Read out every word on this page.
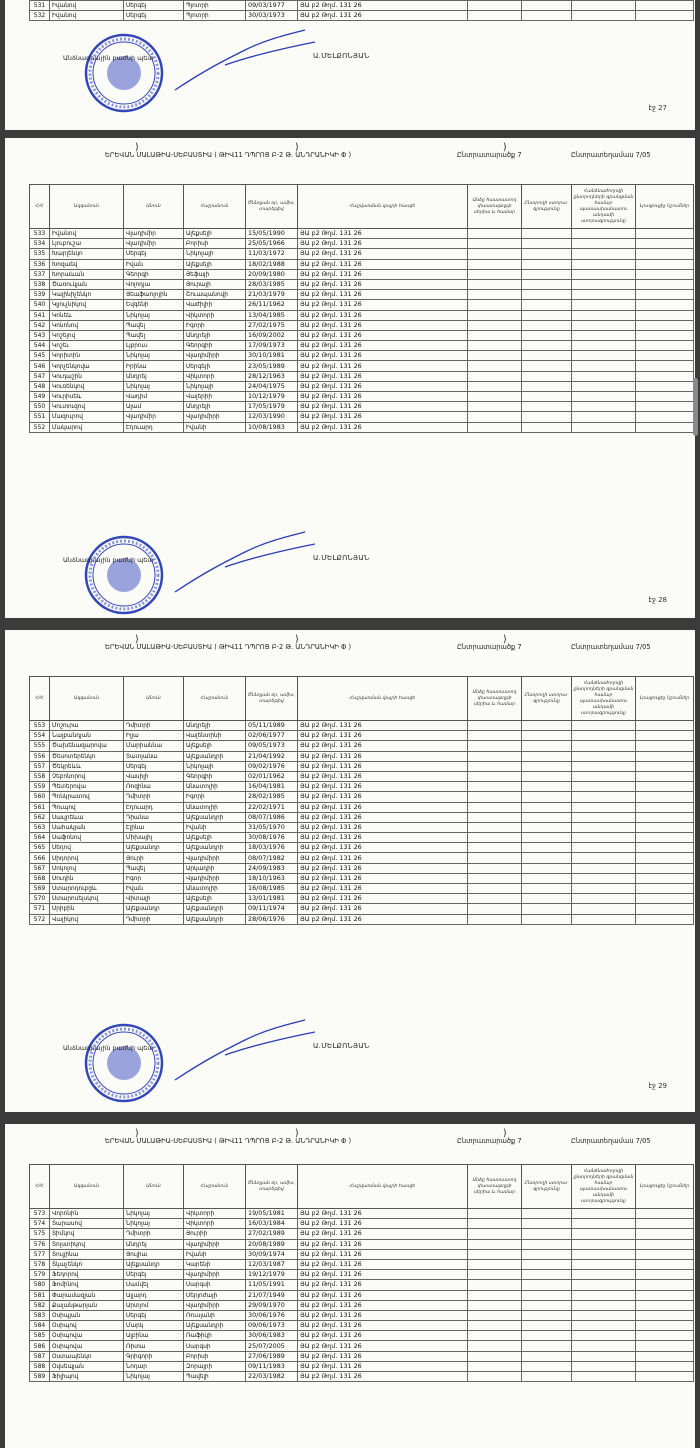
531	Իվանով	Սերգեյ	Պյոտրի	09/03/1977	ՅԱ բ2 Թղմ. 131 26				
532	Իվանով	Սերգեյ	Պյոտրի	30/03/1973	ՅԱ բ2 Թղմ. 131 26				
Անձնագրային բաժնի պետ	Ա.ՄԵԼՔՈՆՅԱՆ
էջ 27
)	)	)
ԵՐԵՎԱՆ ՄԱԼԱԹԻԱ-ՍԵԲԱՍՏԻԱ ( ԹԻՎ11 ԴՊՐՈՑ Բ-2 Թ. ԱՆԴՐԱՆԻԿԻ Փ )	Ընտրատարածք 7	Ընտրատեղամաս 7/05
Հ/Հ	Ազգանուն	Անուն	Հայրանուն	Ծննդյան օր, ամիս, տարեթիվ	Հաշվառման վայրի հասցե	Անձը հաստատող փաստաթղթի սերիա և համար	Ընտրողի ստորա- գրությունը	Հանձնաժողովի ընտրողների գրանցման համար պատասխանատու անդամի ստորագրությունը	Լրացուցիչ նշումներ
533	Իվանով	Վլադիմիր	Ալեքսեյի	15/05/1990	ՅԱ բ2 Թղմ. 131 26				
534	Լյուբուշա	Վլադիմիր	Բորիսի	25/05/1966	ՅԱ բ2 Թղմ. 131 26				
535	Խարլենկո	Սերգեյ	Նիկոլայի	11/03/1972	ՅԱ բ2 Թղմ. 131 26				
536	Խոզաեվ	Իվան	Ալեքսեյի	18/02/1988	ՅԱ բ2 Թղմ. 131 26				
537	Խորաևան	Գեորգի	Յեֆայի	20/09/1980	ՅԱ բ2 Թղմ. 131 26				
538	Ծառուկյան	Վոլոդյա	Յուրայի	28/03/1985	ՅԱ բ2 Թղմ. 131 26				
539	Կալինիչենկո	Յեաֆաոլոյին	Շուապանովի	21/03/1979	ՅԱ բ2 Թղմ. 131 26				
540	Կլյուչնիկով	Եվգենի	Վաժիլիի	26/11/1962	ՅԱ բ2 Թղմ. 131 26				
541	Կոնեև	Նիկոլայ	Վիկտորի	13/04/1985	ՅԱ բ2 Թղմ. 131 26				
542	Կոնոնով	Պավել	Իգորի	27/02/1975	ՅԱ բ2 Թղմ. 131 26				
543	Կոշելով	Պավել	Անդրեյի	16/09/2002	ՅԱ բ2 Թղմ. 131 26				
544	Կոշեւ	Լյբրուս	Գեորգիի	17/09/1973	ՅԱ բ2 Թղմ. 131 26				
545	Կորիտին	Նիկոլայ	Վլադիմիրի	30/10/1981	ՅԱ բ2 Թղմ. 131 26				
546	Կորչենկովա	Իրինա	Սերգեյի	23/05/1989	ՅԱ բ2 Թղմ. 131 26				
547	Կուդաշին	Անդրեյ	Վիկտորի	28/12/1963	ՅԱ բ2 Թղմ. 131 26				
548	Կուռենկով	Նիկոլայ	Նիկոլայի	24/04/1975	ՅԱ բ2 Թղմ. 131 26				
549	Կուրիսեև	Վադիմ	Վալերիի	10/12/1979	ՅԱ բ2 Թղմ. 131 26				
550	Կուտուզով	Ալամ	Անդրեյի	17/05/1979	ՅԱ բ2 Թղմ. 131 26				
551	Մազուրով	Վլադիմիր	Վլադիմիրի	12/03/1990	ՅԱ բ2 Թղմ. 131 26				
552	Մակարով	Էդուարդ	Իվանի	10/08/1983	ՅԱ բ2 Թղմ. 131 26				
Անձնագրային բաժնի պետ	Ա.ՄԵԼՔՈՆՅԱՆ
էջ 28
)	)	)
ԵՐԵՎԱՆ ՄԱԼԱԹԻԱ-ՍԵԲԱՍՏԻԱ ( ԹԻՎ11 ԴՊՐՈՑ Բ-2 Թ. ԱՆԴՐԱՆԻԿԻ Փ )	Ընտրատարածք 7	Ընտրատեղամաս 7/05
Հ/Հ	Ազգանուն	Անուն	Հայրանուն	Ծննդյան օր, ամիս, տարեթիվ	Հաշվառման վայրի հասցե	Անձը հաստատող փաստաթղթի սերիա և համար	Ընտրողի ստորա- գրությունը	Հանձնաժողովի ընտրողների գրանցման համար պատասխանատու անդամի ստորագրությունը	Լրացուցիչ նշումներ
553	Մոշուրա	Դմիտրի	Անդրեյի	05/11/1989	ՅԱ բ2 Թղմ. 131 26				
554	Նալբանդյան	Իլյա	Վալենտինի	02/06/1977	ՅԱ բ2 Թղմ. 131 26				
555	Ծախենազարովա	Մարիաննա	Ալեքսեյի	09/05/1973	ՅԱ բ2 Թղմ. 131 26				
556	Ծեսոտերենկո	Տատյանա	Ալեքսանդրի	21/04/1992	ՅԱ բ2 Թղմ. 131 26				
557	Ծեկրեևև	Սերգեյ	Նիկոլայի	09/02/1976	ՅԱ բ2 Թղմ. 131 26				
558	Չեբոնորով	Վասիլի	Գեորգիի	02/01/1962	ՅԱ բ2 Թղմ. 131 26				
559	Պետերովա	Ռոզինա	Անատոլիի	16/04/1981	ՅԱ բ2 Թղմ. 131 26				
560	Պոնկրատով	Դմիտրի	Իգորի	28/02/1985	ՅԱ բ2 Թղմ. 131 26				
561	Պուպով	Էդուարդ	Անատոլիի	22/02/1971	ՅԱ բ2 Թղմ. 131 26				
562	Սաւլրեևա	Դիանա	Ալեքսանդրի	08/07/1986	ՅԱ բ2 Թղմ. 131 26				
563	Սահակյան	Էլինա	Իվանի	31/05/1970	ՅԱ բ2 Թղմ. 131 26				
564	Սաֆոնով	Միխայիլ	Ալեքսեյի	30/08/1976	ՅԱ բ2 Թղմ. 131 26				
565	Սեդով	Ալեքսանդր	Ալեքսանդրի	18/03/1976	ՅԱ բ2 Թղմ. 131 26				
566	Սիդորով	Յուրի	Վլադիմիրի	08/07/1982	ՅԱ բ2 Թղմ. 131 26				
567	Սոկոլով	Պավել	Արկադիի	24/09/1983	ՅԱ բ2 Թղմ. 131 26				
568	Սուդին	Իգոր	Վլադիմիրի	18/10/1963	ՅԱ բ2 Թղմ. 131 26				
569	Ստարոդուբցև	Իվան	Անատոլիի	16/08/1985	ՅԱ բ2 Թղմ. 131 26				
570	Ստարոսելսկով	Վիտալի	Ալեքսեյի	13/01/1981	ՅԱ բ2 Թղմ. 131 26				
571	Սրիբին	Ալեքսանդր	Ալեքսանդրի	09/11/1974	ՅԱ բ2 Թղմ. 131 26				
572	Վալիկով	Դմիտրի	Ալեքսանդրի	28/06/1976	ՅԱ բ2 Թղմ. 131 26				
Անձնագրային բաժնի պետ	Ա.ՄԵԼՔՈՆՅԱՆ
էջ 29
)	)	)
ԵՐԵՎԱՆ ՄԱԼԱԹԻԱ-ՍԵԲԱՍՏԻԱ ( ԹԻՎ11 ԴՊՐՈՑ Բ-2 Թ. ԱՆԴՐԱՆԻԿԻ Փ )	Ընտրատարածք 7	Ընտրատեղամաս 7/05
Հ/Հ	Ազգանուն	Անուն	Հայրանուն	Ծննդյան օր, ամիս, տարեթիվ	Հաշվառման վայրի հասցե	Անձը հաստատող փաստաթղթի սերիա և համար	Ընտրողի ստորա- գրությունը	Հանձնաժողովի ընտրողների գրանցման համար պատասխանատու անդամի ստորագրությունը	Լրացուցիչ նշումներ
573	Վորոնին	Նիկոլայ	Վիկտորի	19/05/1981	ՅԱ բ2 Թղմ. 131 26				
574	Տարասով	Նիկոլայ	Վիկտորի	16/03/1984	ՅԱ բ2 Թղմ. 131 26				
575	Տիմկով	Դմիտրի	Յուրիի	27/02/1989	ՅԱ բ2 Թղմ. 131 26				
576	Տոլստիկով	Անդրեյ	Վլադիմիրի	20/08/1989	ՅԱ բ2 Թղմ. 131 26				
577	Տուլյինա	Յուլիա	Իվանի	30/09/1974	ՅԱ բ2 Թղմ. 131 26				
578	Տկաչենկո	Ալեքսանդր	Կարենի	12/03/1987	ՅԱ բ2 Թղմ. 131 26				
579	Ֆեդորով	Սերգեյ	Վլադիմիրի	19/12/1979	ՅԱ բ2 Թղմ. 131 26				
580	Ֆոմինով	Սամվել	Սարգսի	11/05/1991	ՅԱ բ2 Թղմ. 131 26				
581	Փարամազյան	Ալլարդ	Սերյոժայի	21/07/1949	ՅԱ բ2 Թղմ. 131 26				
582	Քալանթարյան	Արտյոմ	Վլադիմիրի	29/09/1970	ՅԱ բ2 Թղմ. 131 26				
583	Օսիպյան	Սերգեյ	Ռուսլանի	30/06/1976	ՅԱ բ2 Թղմ. 131 26				
584	Օսիպով	Մարկ	Ալեքսանդրի	09/06/1973	ՅԱ բ2 Թղմ. 131 26				
585	Օսիպովա	Ալբինա	Ռաֆիկի	30/06/1983	ՅԱ բ2 Թղմ. 131 26				
586	Օսիպովա	Ռիտա	Սարգսի	25/07/2005	ՅԱ բ2 Թղմ. 131 26				
587	Օստապենկո	Գրիգորի	Բորիսի	27/06/1989	ՅԱ բ2 Թղմ. 131 26				
588	Օվսեպյան	Նոդար	Զորայրի	09/11/1983	ՅԱ բ2 Թղմ. 131 26				
589	Ֆիլիպով	Նիկոլայ	Պավելի	22/03/1982	ՅԱ բ2 Թղմ. 131 26				
